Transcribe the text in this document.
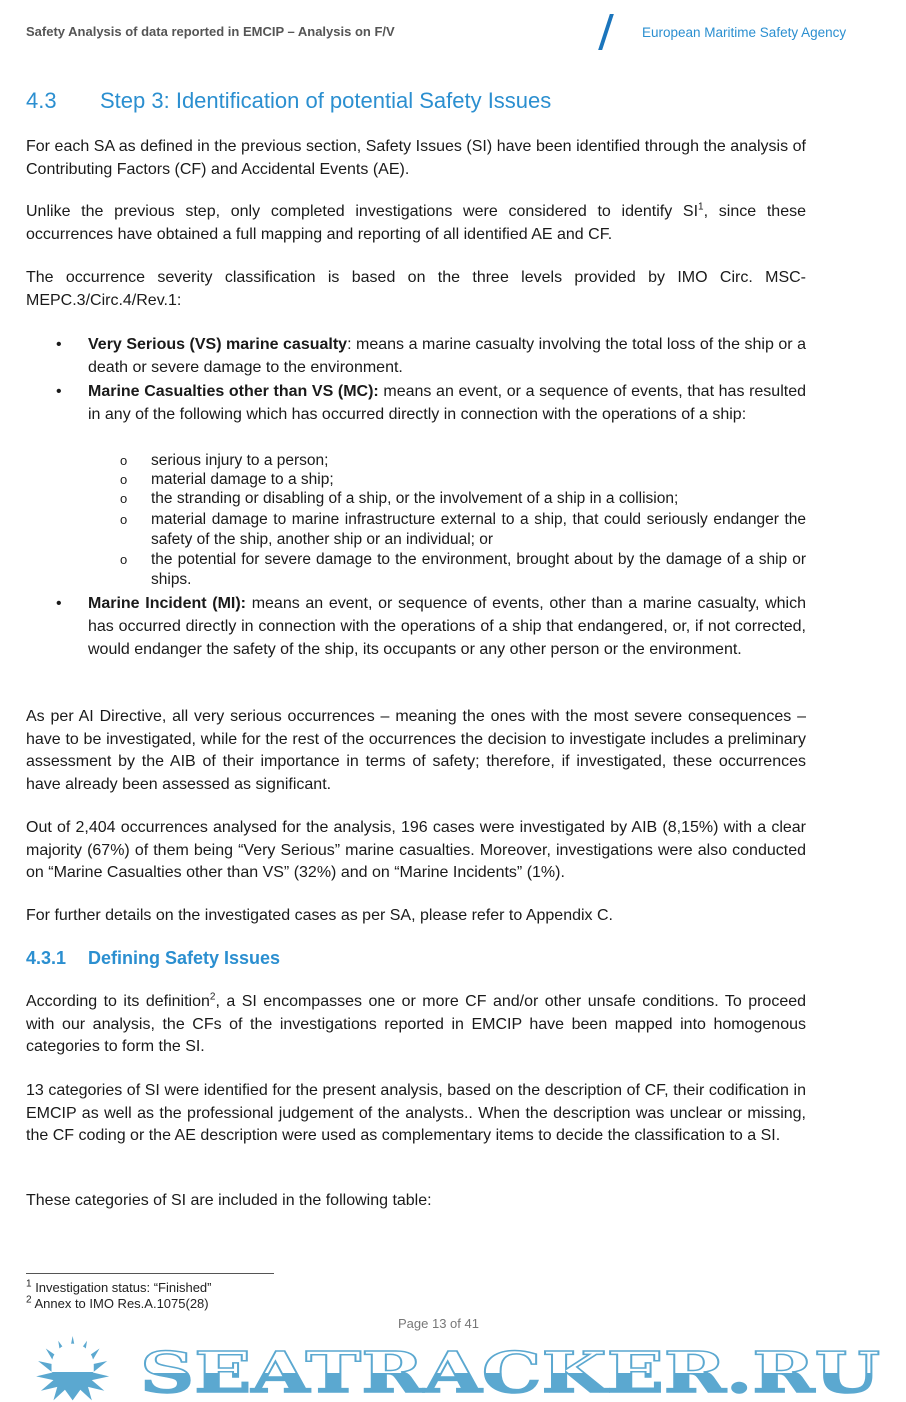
Safety Analysis of data reported in EMCIP – Analysis on F/V	European Maritime Safety Agency
4.3 Step 3: Identification of potential Safety Issues
For each SA as defined in the previous section, Safety Issues (SI) have been identified through the analysis of Contributing Factors (CF) and Accidental Events (AE).
Unlike the previous step, only completed investigations were considered to identify $SI^1$, since these occurrences have obtained a full mapping and reporting of all identified AE and CF.
The occurrence severity classification is based on the three levels provided by IMO Circ. MSC-MEPC.3/Circ.4/Rev.1:
• Very Serious (VS) marine casualty: means a marine casualty involving the total loss of the ship or a death or severe damage to the environment.
• Marine Casualties other than VS (MC): means an event, or a sequence of events, that has resulted in any of the following which has occurred directly in connection with the operations of a ship:
o serious injury to a person;
o material damage to a ship;
o the stranding or disabling of a ship, or the involvement of a ship in a collision;
o material damage to marine infrastructure external to a ship, that could seriously endanger the safety of the ship, another ship or an individual; or
o the potential for severe damage to the environment, brought about by the damage of a ship or ships.
• Marine Incident (MI): means an event, or sequence of events, other than a marine casualty, which has occurred directly in connection with the operations of a ship that endangered, or, if not corrected, would endanger the safety of the ship, its occupants or any other person or the environment.
As per AI Directive, all very serious occurrences – meaning the ones with the most severe consequences – have to be investigated, while for the rest of the occurrences the decision to investigate includes a preliminary assessment by the AIB of their importance in terms of safety; therefore, if investigated, these occurrences have already been assessed as significant.
Out of 2,404 occurrences analysed for the analysis, 196 cases were investigated by AIB (8,15%) with a clear majority (67%) of them being “Very Serious” marine casualties. Moreover, investigations were also conducted on “Marine Casualties other than VS” (32%) and on “Marine Incidents” (1%).
For further details on the investigated cases as per SA, please refer to Appendix C.
4.3.1 Defining Safety Issues
According to its definition$^2$, a SI encompasses one or more CF and/or other unsafe conditions. To proceed with our analysis, the CFs of the investigations reported in EMCIP have been mapped into homogenous categories to form the SI.
13 categories of SI were identified for the present analysis, based on the description of CF, their codification in EMCIP as well as the professional judgement of the analysts.. When the description was unclear or missing, the CF coding or the AE description were used as complementary items to decide the classification to a SI.
These categories of SI are included in the following table:
$^1$ Investigation status: “Finished”
$^2$ Annex to IMO Res.A.1075(28)
Page 13 of 41
SEATRACKER.RU
